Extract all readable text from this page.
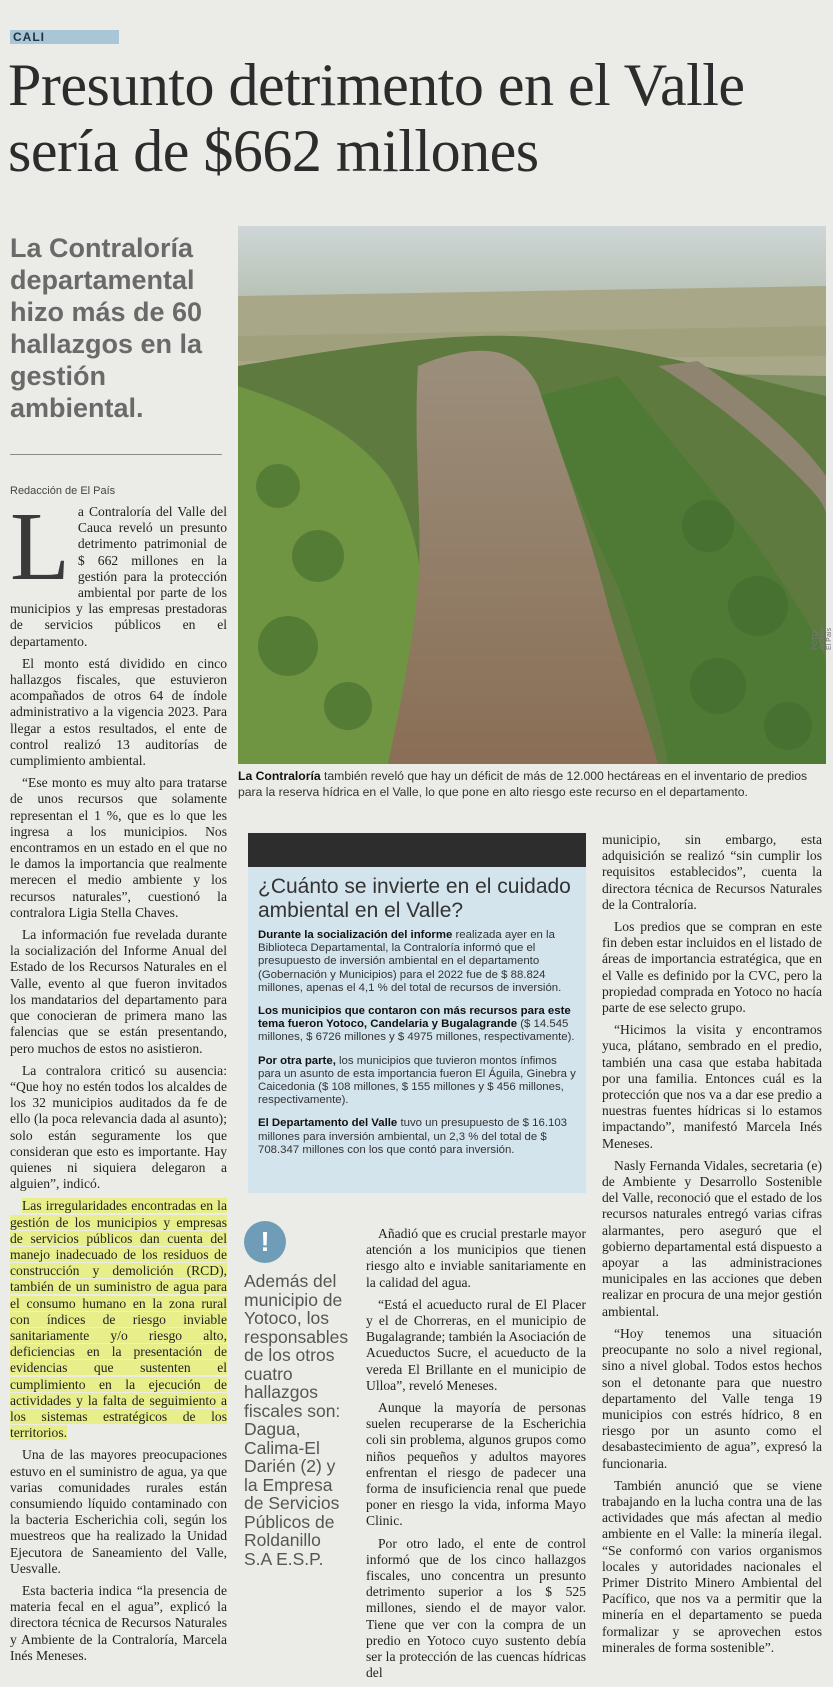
CALI
Presunto detrimento en el Valle sería de $662 millones
La Contraloría departamental hizo más de 60 hallazgos en la gestión ambiental.
Redacción de El País

La Contraloría del Valle del Cauca reveló un presunto detrimento patrimonial de $ 662 millones en la gestión para la protección ambiental por parte de los municipios y las empresas prestadoras de servicios públicos en el departamento.

El monto está dividido en cinco hallazgos fiscales, que estuvieron acompañados de otros 64 de índole administrativo a la vigencia 2023. Para llegar a estos resultados, el ente de control realizó 13 auditorías de cumplimiento ambiental.

“Ese monto es muy alto para tratarse de unos recursos que solamente representan el 1 %, que es lo que les ingresa a los municipios. Nos encontramos en un estado en el que no le damos la importancia que realmente merecen el medio ambiente y los recursos naturales”, cuestionó la contralora Ligia Stella Chaves.

La información fue revelada durante la socialización del Informe Anual del Estado de los Recursos Naturales en el Valle, evento al que fueron invitados los mandatarios del departamento para que conocieran de primera mano las falencias que se están presentando, pero muchos de estos no asistieron.

La contralora criticó su ausencia: “Que hoy no estén todos los alcaldes de los 32 municipios auditados da fe de ello (la poca relevancia dada al asunto); solo están seguramente los que consideran que esto es importante. Hay quienes ni siquiera delegaron a alguien”, indicó.

Las irregularidades encontradas en la gestión de los municipios y empresas de servicios públicos dan cuenta del manejo inadecuado de los residuos de construcción y demolición (RCD), también de un suministro de agua para el consumo humano en la zona rural con índices de riesgo inviable sanitariamente y/o riesgo alto, deficiencias en la presentación de evidencias que sustenten el cumplimiento en la ejecución de actividades y la falta de seguimiento a los sistemas estratégicos de los territorios.

Una de las mayores preocupaciones estuvo en el suministro de agua, ya que varias comunidades rurales están consumiendo líquido contaminado con la bacteria Escherichia coli, según los muestreos que ha realizado la Unidad Ejecutora de Saneamiento del Valle, Uesvalle.

Esta bacteria indica “la presencia de materia fecal en el agua”, explicó la directora técnica de Recursos Naturales y Ambiente de la Contraloría, Marcela Inés Meneses.

FOTO: Archivo El País
La Contraloría también reveló que hay un déficit de más de 12.000 hectáreas en el inventario de predios para la reserva hídrica en el Valle, lo que pone en alto riesgo este recurso en el departamento.
¿Cuánto se invierte en el cuidado ambiental en el Valle?

Durante la socialización del informe realizada ayer en la Biblioteca Departamental, la Contraloría informó que el presupuesto de inversión ambiental en el departamento (Gobernación y Municipios) para el 2022 fue de $ 88.824 millones, apenas el 4,1 % del total de recursos de inversión.

Los municipios que contaron con más recursos para este tema fueron Yotoco, Candelaria y Bugalagrande ($ 14.545 millones, $ 6726 millones y $ 4975 millones, respectivamente).

Por otra parte, los municipios que tuvieron montos ínfimos para un asunto de esta importancia fueron El Águila, Ginebra y Caicedonia ($ 108 millones, $ 155 millones y $ 456 millones, respectivamente).

El Departamento del Valle tuvo un presupuesto de $ 16.103 millones para inversión ambiental, un 2,3 % del total de $ 708.347 millones con los que contó para inversión.

!
Además del municipio de Yotoco, los responsables de los otros cuatro hallazgos fiscales son: Dagua, Calima-El Darién (2) y la Empresa de Servicios Públicos de Roldanillo S.A E.S.P.

Añadió que es crucial prestarle mayor atención a los municipios que tienen riesgo alto e inviable sanitariamente en la calidad del agua.

“Está el acueducto rural de El Placer y el de Chorreras, en el municipio de Bugalagrande; también la Asociación de Acueductos Sucre, el acueducto de la vereda El Brillante en el municipio de Ulloa”, reveló Meneses.

Aunque la mayoría de personas suelen recuperarse de la Escherichia coli sin problema, algunos grupos como niños pequeños y adultos mayores enfrentan el riesgo de padecer una forma de insuficiencia renal que puede poner en riesgo la vida, informa Mayo Clinic.

Por otro lado, el ente de control informó que de los cinco hallazgos fiscales, uno concentra un presunto detrimento superior a los $ 525 millones, siendo el de mayor valor. Tiene que ver con la compra de un predio en Yotoco cuyo sustento debía ser la protección de las cuencas hídricas del

municipio, sin embargo, esta adquisición se realizó “sin cumplir los requisitos establecidos”, cuenta la directora técnica de Recursos Naturales de la Contraloría.

Los predios que se compran en este fin deben estar incluidos en el listado de áreas de importancia estratégica, que en el Valle es definido por la CVC, pero la propiedad comprada en Yotoco no hacía parte de ese selecto grupo.

“Hicimos la visita y encontramos yuca, plátano, sembrado en el predio, también una casa que estaba habitada por una familia. Entonces cuál es la protección que nos va a dar ese predio a nuestras fuentes hídricas si lo estamos impactando”, manifestó Marcela Inés Meneses.

Nasly Fernanda Vidales, secretaria (e) de Ambiente y Desarrollo Sostenible del Valle, reconoció que el estado de los recursos naturales entregó varias cifras alarmantes, pero aseguró que el gobierno departamental está dispuesto a apoyar a las administraciones municipales en las acciones que deben realizar en procura de una mejor gestión ambiental.

“Hoy tenemos una situación preocupante no solo a nivel regional, sino a nivel global. Todos estos hechos son el detonante para que nuestro departamento del Valle tenga 19 municipios con estrés hídrico, 8 en riesgo por un asunto como el desabastecimiento de agua”, expresó la funcionaria.

También anunció que se viene trabajando en la lucha contra una de las actividades que más afectan al medio ambiente en el Valle: la minería ilegal. “Se conformó con varios organismos locales y autoridades nacionales el Primer Distrito Minero Ambiental del Pacífico, que nos va a permitir que la minería en el departamento se pueda formalizar y se aprovechen estos minerales de forma sostenible”.
